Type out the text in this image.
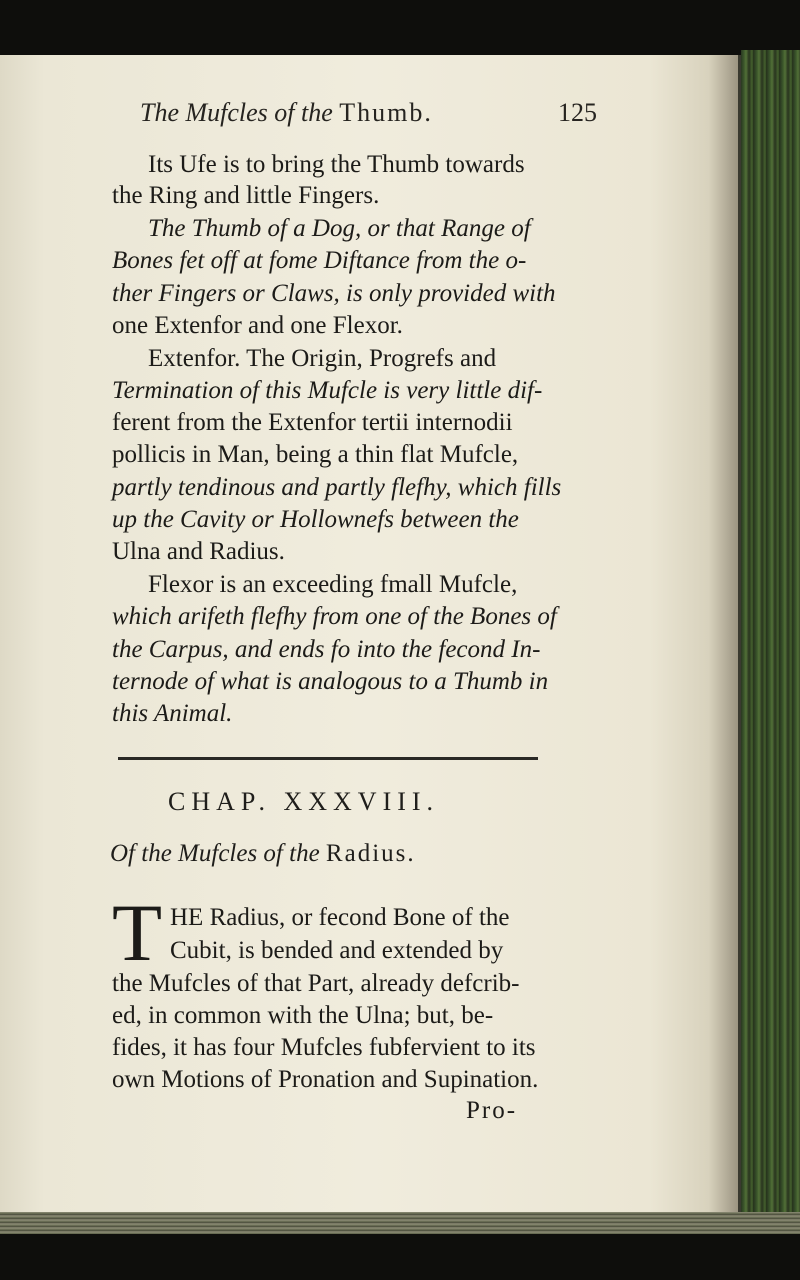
The Mufcles of the Thumb.	125
Its Ufe is to bring the Thumb towards
the Ring and little Fingers.
The Thumb of a Dog, or that Range of
Bones fet off at fome Diftance from the o-
ther Fingers or Claws, is only provided with
one Extenfor and one Flexor.
Extenfor. The Origin, Progrefs and
Termination of this Mufcle is very little dif-
ferent from the Extenfor tertii internodii
pollicis in Man, being a thin flat Mufcle,
partly tendinous and partly flefhy, which fills
up the Cavity or Hollownefs between the
Ulna and Radius.
Flexor is an exceeding fmall Mufcle,
which arifeth flefhy from one of the Bones of
the Carpus, and ends fo into the fecond In-
ternode of what is analogous to a Thumb in
this Animal.
CHAP. XXXVIII.
Of the Mufcles of the Radius.
T HE Radius, or fecond Bone of the
Cubit, is bended and extended by
the Mufcles of that Part, already defcrib-
ed, in common with the Ulna; but, be-
fides, it has four Mufcles fubfervient to its
own Motions of Pronation and Supination.
Pro-
